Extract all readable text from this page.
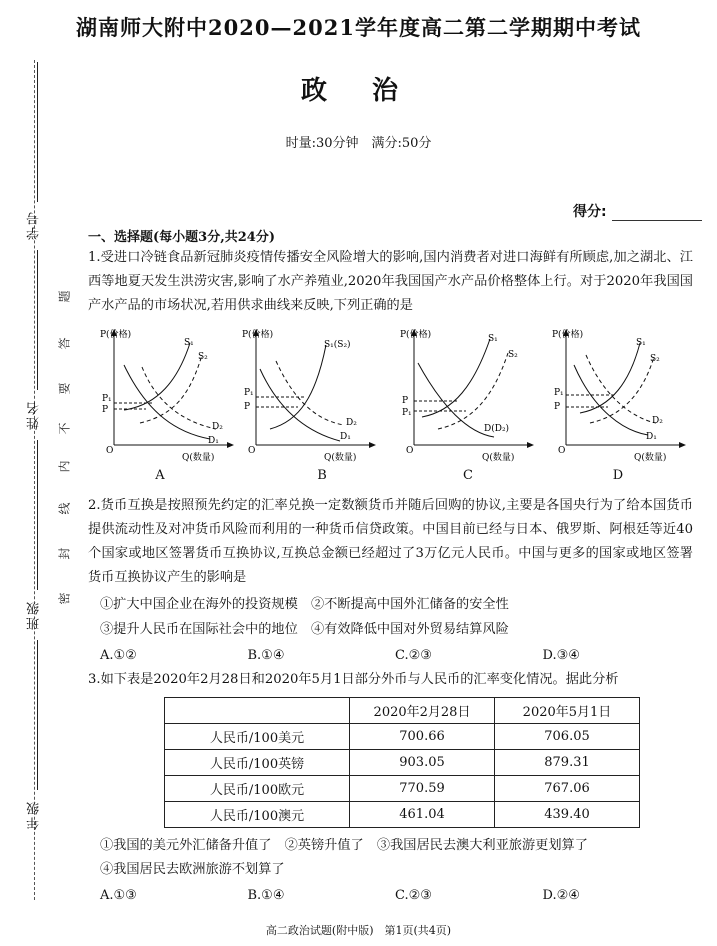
学号
姓名
班级
年级
题
答
要
不
内
线
封
密
湖南师大附中2020—2021学年度高二第二学期期中考试
政 治
时量:30分钟　满分:50分
得分:
一、选择题(每小题3分,共24分)
1.受进口冷链食品新冠肺炎疫情传播安全风险增大的影响,国内消费者对进口海鲜有所顾虑,加之湖北、江西等地夏天发生洪涝灾害,影响了水产养殖业,2020年我国国产水产品价格整体上行。对于2020年我国国产水产品的市场状况,若用供求曲线来反映,下列正确的是
P(价格)
O
P₁
P
S₁
S₂
D₂
D₁
Q(数量)
A
P(价格)
O
P₁
P
S₁(S₂)
D₂
D₁
Q(数量)
B
P(价格)
O
P
P₁
S₁
S₂
D(D₂)
Q(数量)
C
P(价格)
O
P₁
P
S₁
S₂
D₂
D₁
Q(数量)
D
2.货币互换是按照预先约定的汇率兑换一定数额货币并随后回购的协议,主要是各国央行为了给本国货币提供流动性及对冲货币风险而利用的一种货币信贷政策。中国目前已经与日本、俄罗斯、阿根廷等近40个国家或地区签署货币互换协议,互换总金额已经超过了3万亿元人民币。中国与更多的国家或地区签署货币互换协议产生的影响是
①扩大中国企业在海外的投资规模　②不断提高中国外汇储备的安全性
③提升人民币在国际社会中的地位　④有效降低中国对外贸易结算风险
A.①②	B.①④	C.②③	D.③④
3.如下表是2020年2月28日和2020年5月1日部分外币与人民币的汇率变化情况。据此分析
	2020年2月28日	2020年5月1日
人民币/100美元	700.66	706.05
人民币/100英镑	903.05	879.31
人民币/100欧元	770.59	767.06
人民币/100澳元	461.04	439.40
①我国的美元外汇储备升值了　②英镑升值了　③我国居民去澳大利亚旅游更划算了
④我国居民去欧洲旅游不划算了
A.①③	B.①④	C.②③	D.②④
高二政治试题(附中版)　第1页(共4页)
